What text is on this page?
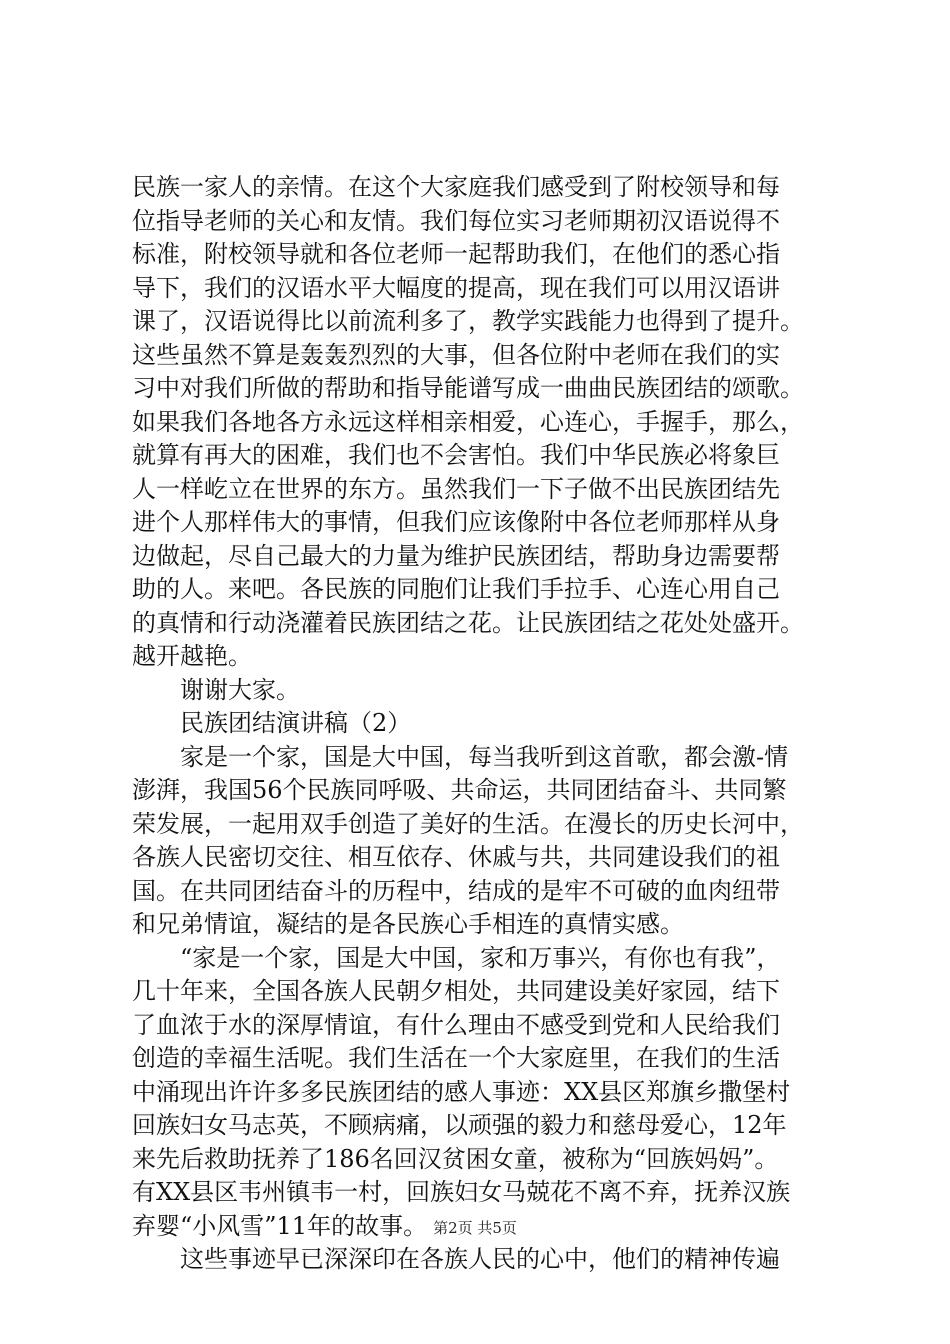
民族一家人的亲情。在这个大家庭我们感受到了附校领导和每
位指导老师的关心和友情。我们每位实习老师期初汉语说得不
标准，附校领导就和各位老师一起帮助我们，在他们的悉心指
导下，我们的汉语水平大幅度的提高，现在我们可以用汉语讲
课了，汉语说得比以前流利多了，教学实践能力也得到了提升。
这些虽然不算是轰轰烈烈的大事，但各位附中老师在我们的实
习中对我们所做的帮助和指导能谱写成一曲曲民族团结的颂歌。
如果我们各地各方永远这样相亲相爱，心连心，手握手，那么，
就算有再大的困难，我们也不会害怕。我们中华民族必将象巨
人一样屹立在世界的东方。虽然我们一下子做不出民族团结先
进个人那样伟大的事情，但我们应该像附中各位老师那样从身
边做起，尽自己最大的力量为维护民族团结，帮助身边需要帮
助的人。来吧。各民族的同胞们让我们手拉手、心连心用自己
的真情和行动浇灌着民族团结之花。让民族团结之花处处盛开。
越开越艳。
谢谢大家。
民族团结演讲稿（2）
家是一个家，国是大中国，每当我听到这首歌，都会激-情
澎湃，我国56个民族同呼吸、共命运，共同团结奋斗、共同繁
荣发展，一起用双手创造了美好的生活。在漫长的历史长河中，
各族人民密切交往、相互依存、休戚与共，共同建设我们的祖
国。在共同团结奋斗的历程中，结成的是牢不可破的血肉纽带
和兄弟情谊，凝结的是各民族心手相连的真情实感。
“家是一个家，国是大中国，家和万事兴，有你也有我”，
几十年来，全国各族人民朝夕相处，共同建设美好家园，结下
了血浓于水的深厚情谊，有什么理由不感受到党和人民给我们
创造的幸福生活呢。我们生活在一个大家庭里，在我们的生活
中涌现出许许多多民族团结的感人事迹：XX县区郑旗乡撒堡村
回族妇女马志英，不顾病痛，以顽强的毅力和慈母爱心，12年
来先后救助抚养了186名回汉贫困女童，被称为“回族妈妈”。
有XX县区韦州镇韦一村，回族妇女马兢花不离不弃，抚养汉族
弃婴“小风雪”11年的故事。
这些事迹早已深深印在各族人民的心中，他们的精神传遍
第2页 共5页
